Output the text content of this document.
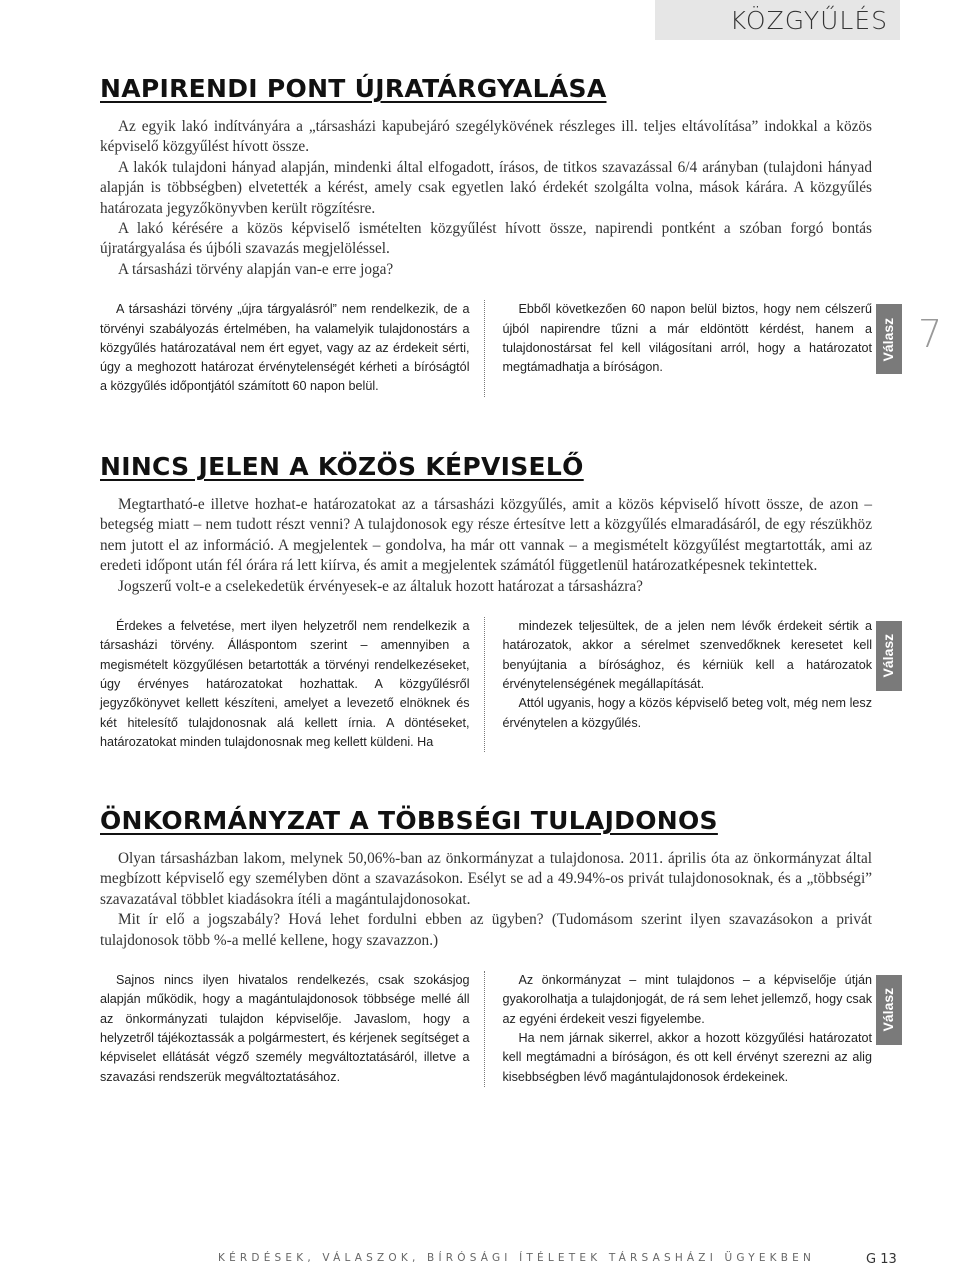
KÖZGYŰLÉS
7
NAPIRENDI PONT ÚJRATÁRGYALÁSA

Az egyik lakó indítványára a „társasházi kapubejáró szegélykövének részleges ill. teljes eltávolítása” indokkal a közös képviselő közgyűlést hívott össze.

A lakók tulajdoni hányad alapján, mindenki által elfogadott, írásos, de titkos szavazással 6/4 arányban (tulajdoni hányad alapján is többségben) elvetették a kérést, amely csak egyetlen lakó érdekét szolgálta volna, mások kárára. A közgyűlés határozata jegyzőkönyvben került rögzítésre.

A lakó kérésére a közös képviselő ismételten közgyűlést hívott össze, napirendi pontként a szóban forgó bontás újratárgyalása és újbóli szavazás megjelöléssel.

A társasházi törvény alapján van-e erre joga?

A társasházi törvény „újra tárgyalásról” nem rendelkezik, de a törvényi szabályozás értelmében, ha valamelyik tulajdonostárs a közgyűlés határozatával nem ért egyet, vagy az az érdekeit sérti, úgy a meghozott határozat érvénytelenségét kérheti a bíróságtól a közgyűlés időpontjától számított 60 napon belül.

Ebből következően 60 napon belül biztos, hogy nem célszerű újból napirendre tűzni a már eldöntött kérdést, hanem a tulajdonostársat fel kell világosítani arról, hogy a határozatot megtámadhatja a bíróságon.

Válasz
NINCS JELEN A KÖZÖS KÉPVISELŐ

Megtartható-e illetve hozhat-e határozatokat az a társasházi közgyűlés, amit a közös képviselő hívott össze, de azon – betegség miatt – nem tudott részt venni? A tulajdonosok egy része értesítve lett a közgyűlés elmaradásáról, de egy részükhöz nem jutott el az információ. A megjelentek – gondolva, ha már ott vannak – a megismételt közgyűlést megtartották, ami az eredeti időpont után fél órára rá lett kiírva, és amit a megjelentek számától függetlenül határozatképesnek tekintettek.

Jogszerű volt-e a cselekedetük érvényesek-e az általuk hozott határozat a társasházra?

Érdekes a felvetése, mert ilyen helyzetről nem rendelkezik a társasházi törvény. Álláspontom szerint – amennyiben a megismételt közgyűlésen betartották a törvényi rendelkezéseket, úgy érvényes határozatokat hozhattak. A közgyűlésről jegyzőkönyvet kellett készíteni, amelyet a levezető elnöknek és két hitelesítő tulajdonosnak alá kellett írnia. A döntéseket, határozatokat minden tulajdonosnak meg kellett küldeni. Ha

mindezek teljesültek, de a jelen nem lévők érdekeit sértik a határozatok, akkor a sérelmet szenvedőknek keresetet kell benyújtania a bírósághoz, és kérniük kell a határozatok érvénytelenségének megállapítását.

Attól ugyanis, hogy a közös képviselő beteg volt, még nem lesz érvénytelen a közgyűlés.

Válasz
ÖNKORMÁNYZAT A TÖBBSÉGI TULAJDONOS

Olyan társasházban lakom, melynek 50,06%-ban az önkormányzat a tulajdonosa. 2011. április óta az önkormányzat által megbízott képviselő egy személyben dönt a szavazásokon. Esélyt se ad a 49.94%-os privát tulajdonosoknak, és a „többségi” szavazatával többlet kiadásokra ítéli a magántulajdonosokat.

Mit ír elő a jogszabály? Hová lehet fordulni ebben az ügyben? (Tudomásom szerint ilyen szavazásokon a privát tulajdonosok több %-a mellé kellene, hogy szavazzon.)

Sajnos nincs ilyen hivatalos rendelkezés, csak szokásjog alapján működik, hogy a magántulajdonosok többsége mellé áll az önkormányzati tulajdon képviselője. Javaslom, hogy a helyzetről tájékoztassák a polgármestert, és kérjenek segítséget a képviselet ellátását végző személy megváltoztatásáról, illetve a szavazási rendszerük megváltoztatásához.

Az önkormányzat – mint tulajdonos – a képviselője útján gyakorolhatja a tulajdonjogát, de rá sem lehet jellemző, hogy csak az egyéni érdekeit veszi figyelembe.

Ha nem járnak sikerrel, akkor a hozott közgyűlési határozatot kell megtámadni a bíróságon, és ott kell érvényt szerezni az alig kisebbségben lévő magántulajdonosok érdekeinek.

Válasz
KÉRDÉSEK, VÁLASZOK, BÍRÓSÁGI ÍTÉLETEK TÁRSASHÁZI ÜGYEKBEN	G 13
